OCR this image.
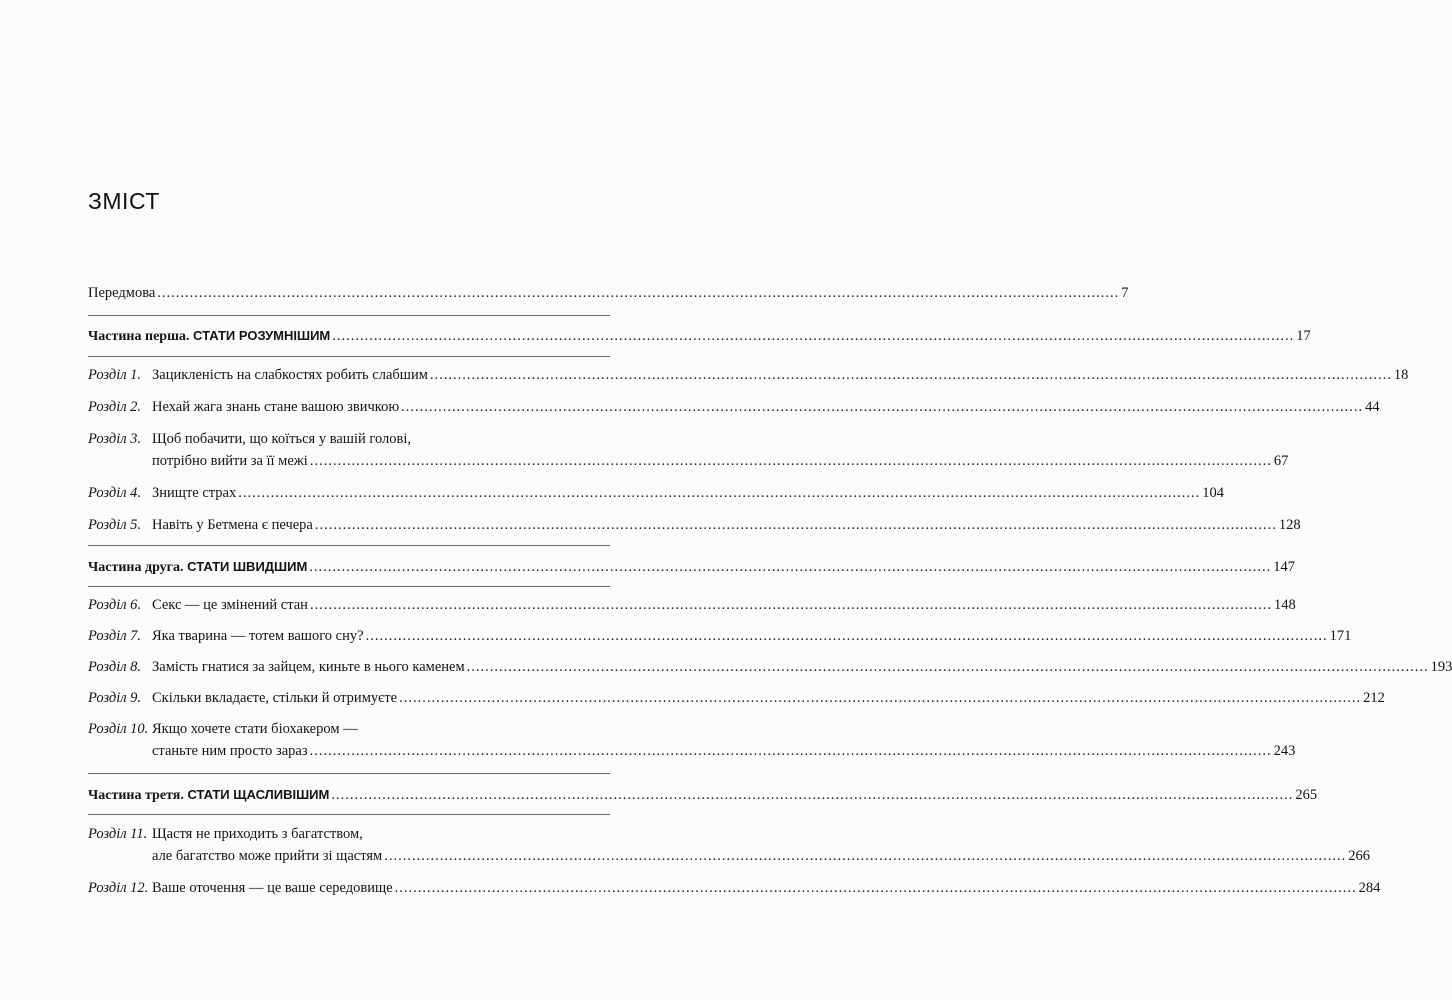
ЗМІСТ
Передмова .....	7
Частина перша. СТАТИ РОЗУМНІШИМ .....	17
Розділ 1. Зацикленість на слабкостях робить слабшим .....	18
Розділ 2. Нехай жага знань стане вашою звичкою .....	44
Розділ 3. Щоб побачити, що коїться у вашій голові,
потрібно вийти за її межі .....	67
Розділ 4. Знищте страх .....	104
Розділ 5. Навіть у Бетмена є печера .....	128
Частина друга. СТАТИ ШВИДШИМ .....	147
Розділ 6. Секс — це змінений стан .....	148
Розділ 7. Яка тварина — тотем вашого сну? .....	171
Розділ 8. Замість гнатися за зайцем, киньте в нього каменем .....	193
Розділ 9. Скільки вкладаєте, стільки й отримуєте .....	212
Розділ 10. Якщо хочете стати біохакером —
станьте ним просто зараз .....	243
Частина третя. СТАТИ ЩАСЛИВІШИМ .....	265
Розділ 11. Щастя не приходить з багатством,
але багатство може прийти зі щастям .....	266
Розділ 12. Ваше оточення — це ваше середовище .....	284
